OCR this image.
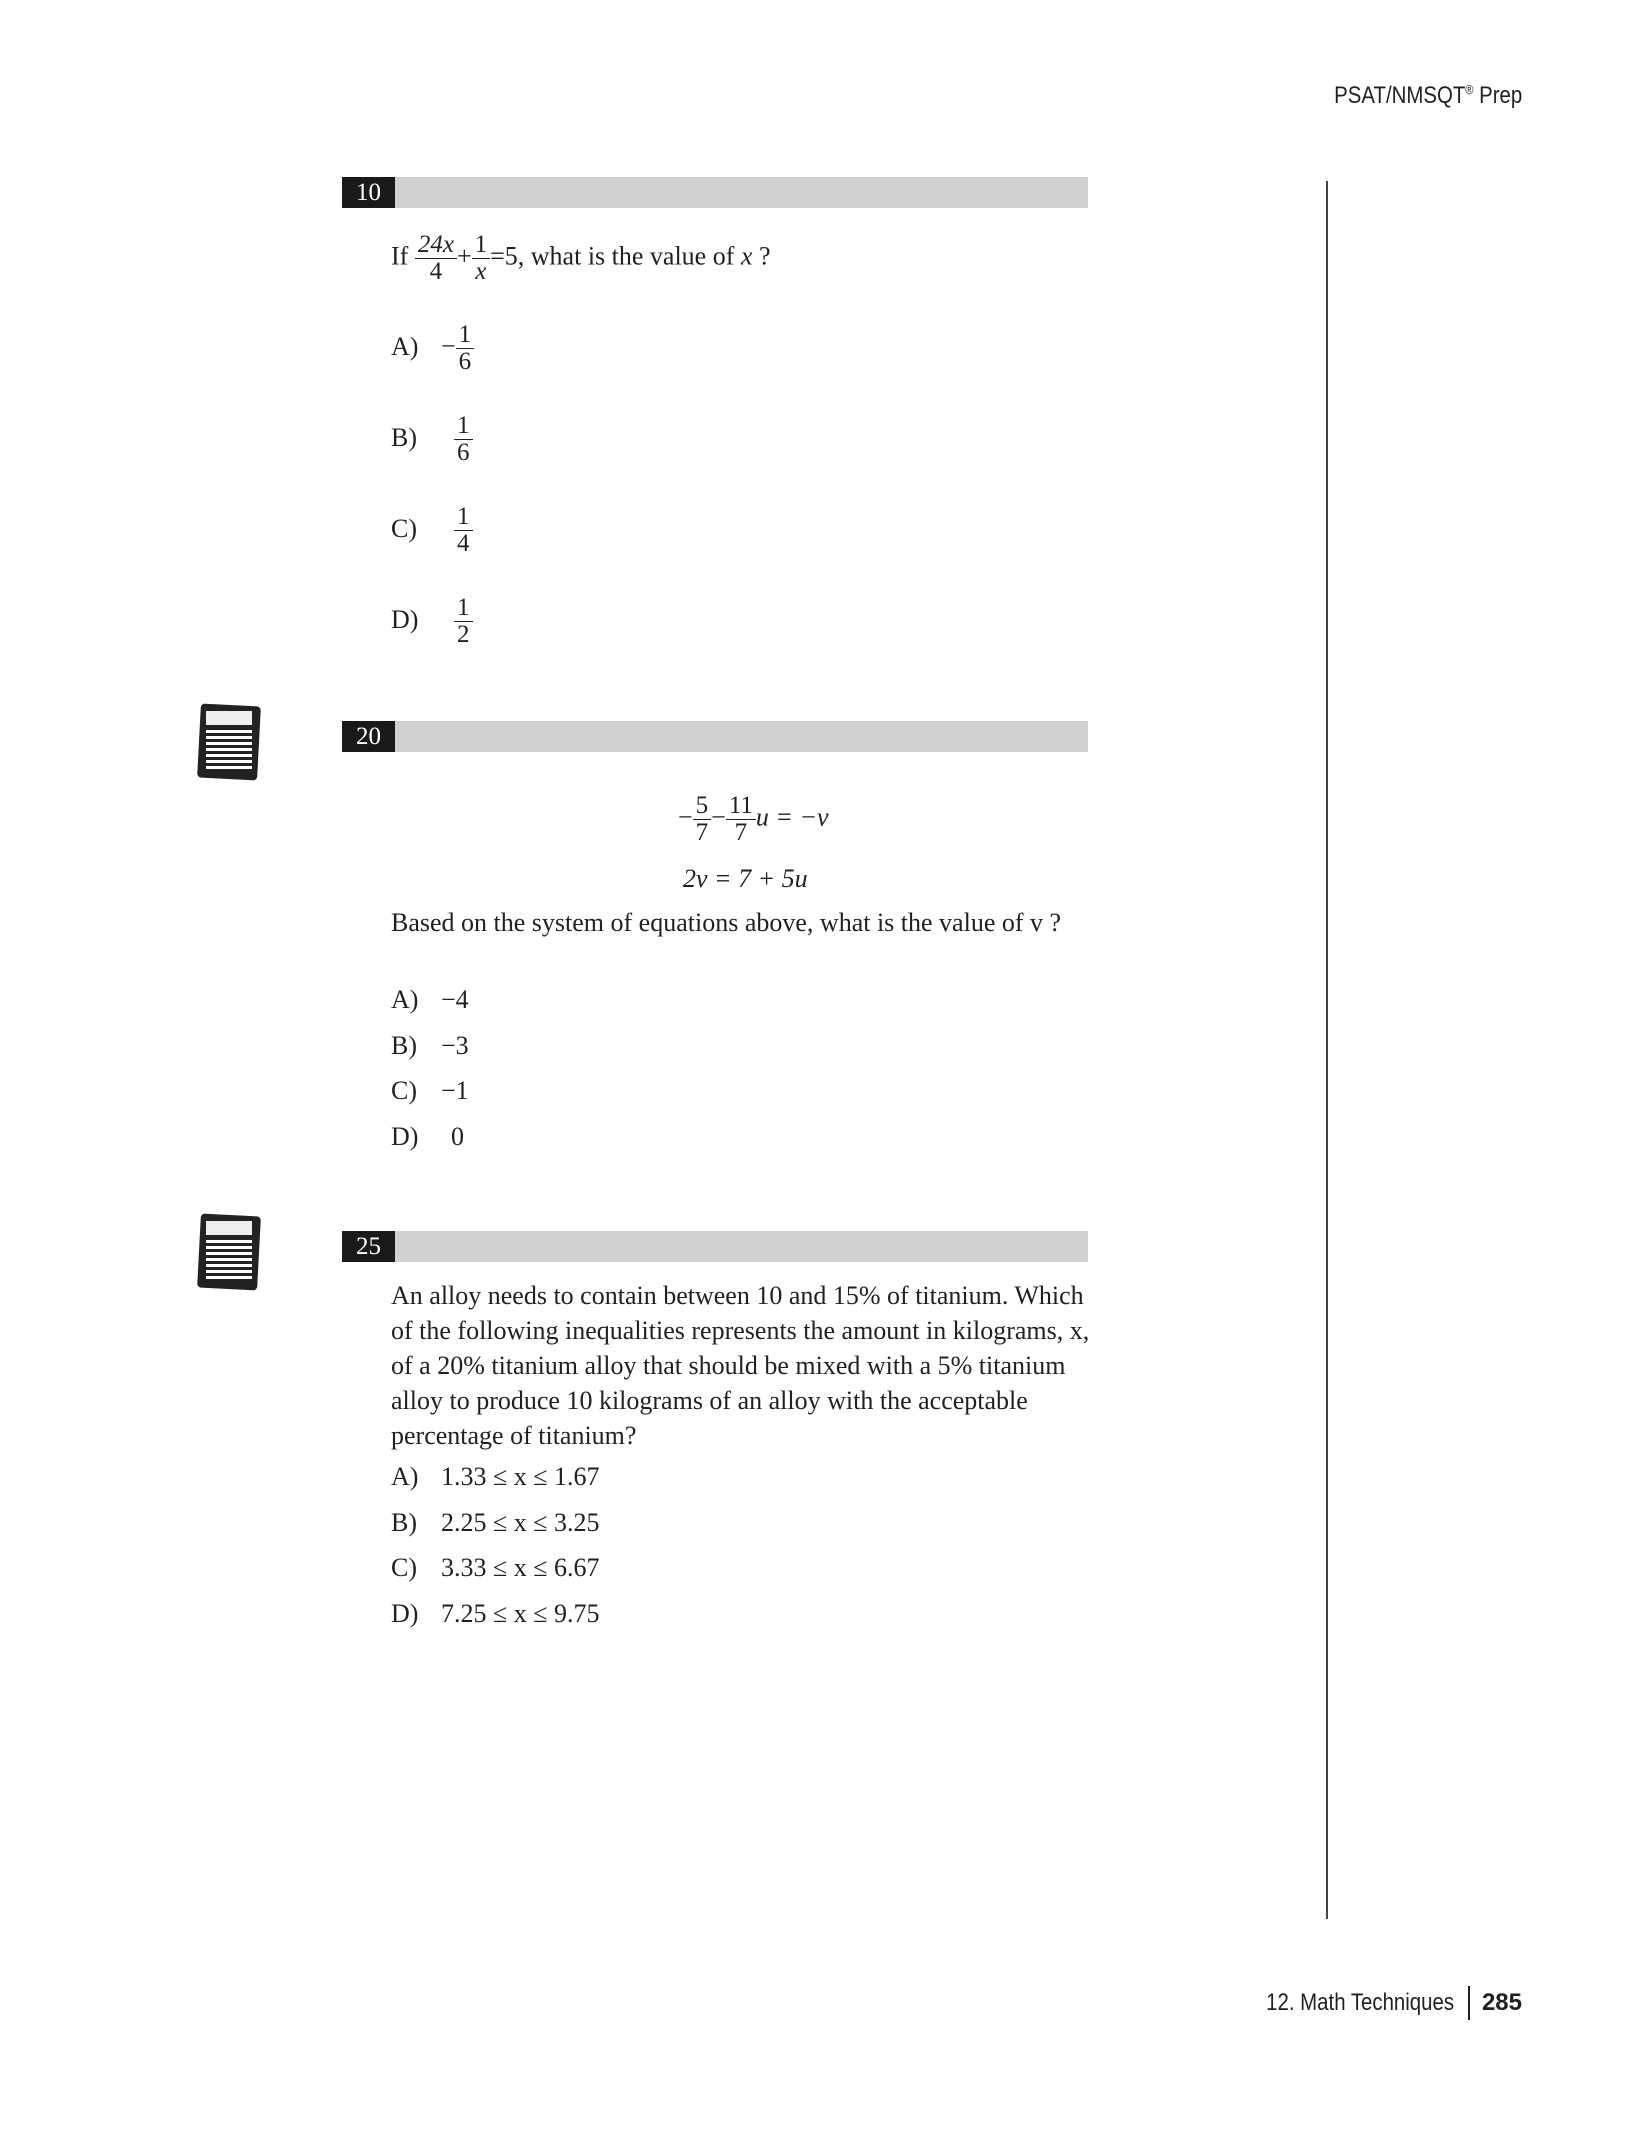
PSAT/NMSQT® Prep
10
If $\frac{24x}{4} + \frac{1}{x} =5$, what is the value of x ?
$A) - \frac{1}{6}$
$B) \frac{1}{6}$
$C) \frac{1}{4}$
$D) \frac{1}{2}$
20
− $\frac{5}{7} - \frac{11}{7}$ u = −v
2v = 7 + 5u
Based on the system of equations above, what is the value of v ?
A) −4
B) −3
C) −1
D) 0
25
An alloy needs to contain between 10 and 15% of titanium. Which of the following inequalities represents the amount in kilograms, x, of a 20% titanium alloy that should be mixed with a 5% titanium alloy to produce 10 kilograms of an alloy with the acceptable percentage of titanium?
A) 1.33 ≤ x ≤ 1.67
B) 2.25 ≤ x ≤ 3.25
C) 3.33 ≤ x ≤ 6.67
D) 7.25 ≤ x ≤ 9.75
12. Math Techniques 285
